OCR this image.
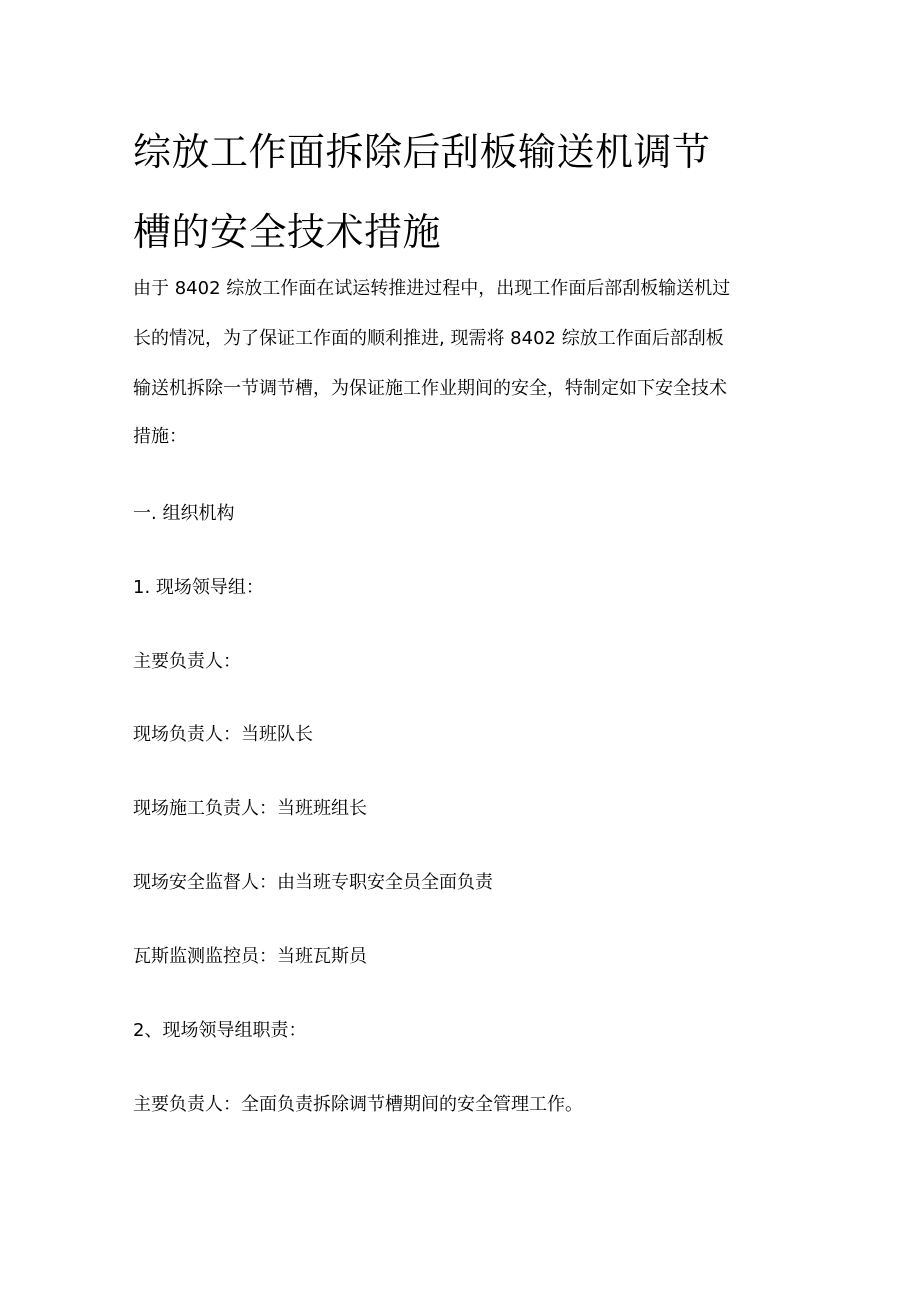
综放工作面拆除后刮板输送机调节
槽的安全技术措施
由于 8402 综放工作面在试运转推进过程中，出现工作面后部刮板输送机过
长的情况，为了保证工作面的顺利推进, 现需将 8402 综放工作面后部刮板
输送机拆除一节调节槽，为保证施工作业期间的安全，特制定如下安全技术
措施：
一. 组织机构
1. 现场领导组：
主要负责人：
现场负责人：当班队长
现场施工负责人：当班班组长
现场安全监督人：由当班专职安全员全面负责
瓦斯监测监控员：当班瓦斯员
2、现场领导组职责：
主要负责人：全面负责拆除调节槽期间的安全管理工作。
